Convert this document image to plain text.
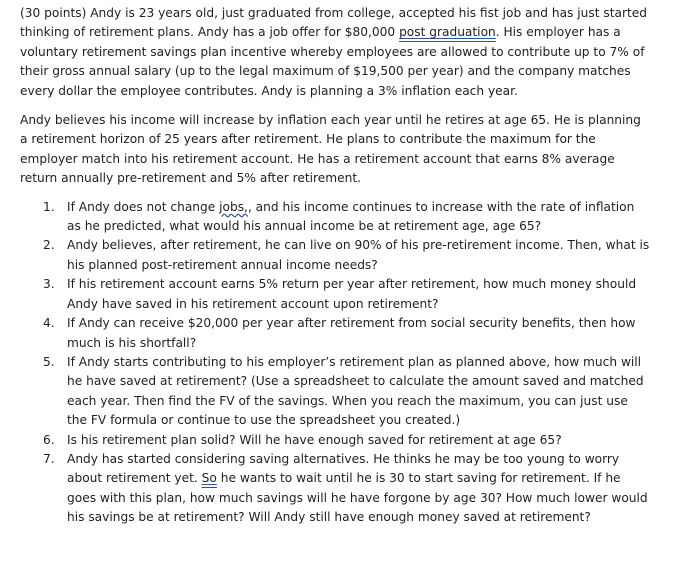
(30 points) Andy is 23 years old, just graduated from college, accepted his fist job and has just started thinking of retirement plans. Andy has a job offer for $80,000 post graduation. His employer has a voluntary retirement savings plan incentive whereby employees are allowed to contribute up to 7% of their gross annual salary (up to the legal maximum of $19,500 per year) and the company matches every dollar the employee contributes. Andy is planning a 3% inflation each year.

Andy believes his income will increase by inflation each year until he retires at age 65. He is planning a retirement horizon of 25 years after retirement. He plans to contribute the maximum for the employer match into his retirement account. He has a retirement account that earns 8% average return annually pre-retirement and 5% after retirement.

1. If Andy does not change jobs,, and his income continues to increase with the rate of inflation as he predicted, what would his annual income be at retirement age, age 65?
2. Andy believes, after retirement, he can live on 90% of his pre-retirement income. Then, what is his planned post-retirement annual income needs?
3. If his retirement account earns 5% return per year after retirement, how much money should Andy have saved in his retirement account upon retirement?
4. If Andy can receive $20,000 per year after retirement from social security benefits, then how much is his shortfall?
5. If Andy starts contributing to his employer’s retirement plan as planned above, how much will he have saved at retirement? (Use a spreadsheet to calculate the amount saved and matched each year. Then find the FV of the savings. When you reach the maximum, you can just use the FV formula or continue to use the spreadsheet you created.)
6. Is his retirement plan solid? Will he have enough saved for retirement at age 65?
7. Andy has started considering saving alternatives. He thinks he may be too young to worry about retirement yet. So he wants to wait until he is 30 to start saving for retirement. If he goes with this plan, how much savings will he have forgone by age 30? How much lower would his savings be at retirement? Will Andy still have enough money saved at retirement?
